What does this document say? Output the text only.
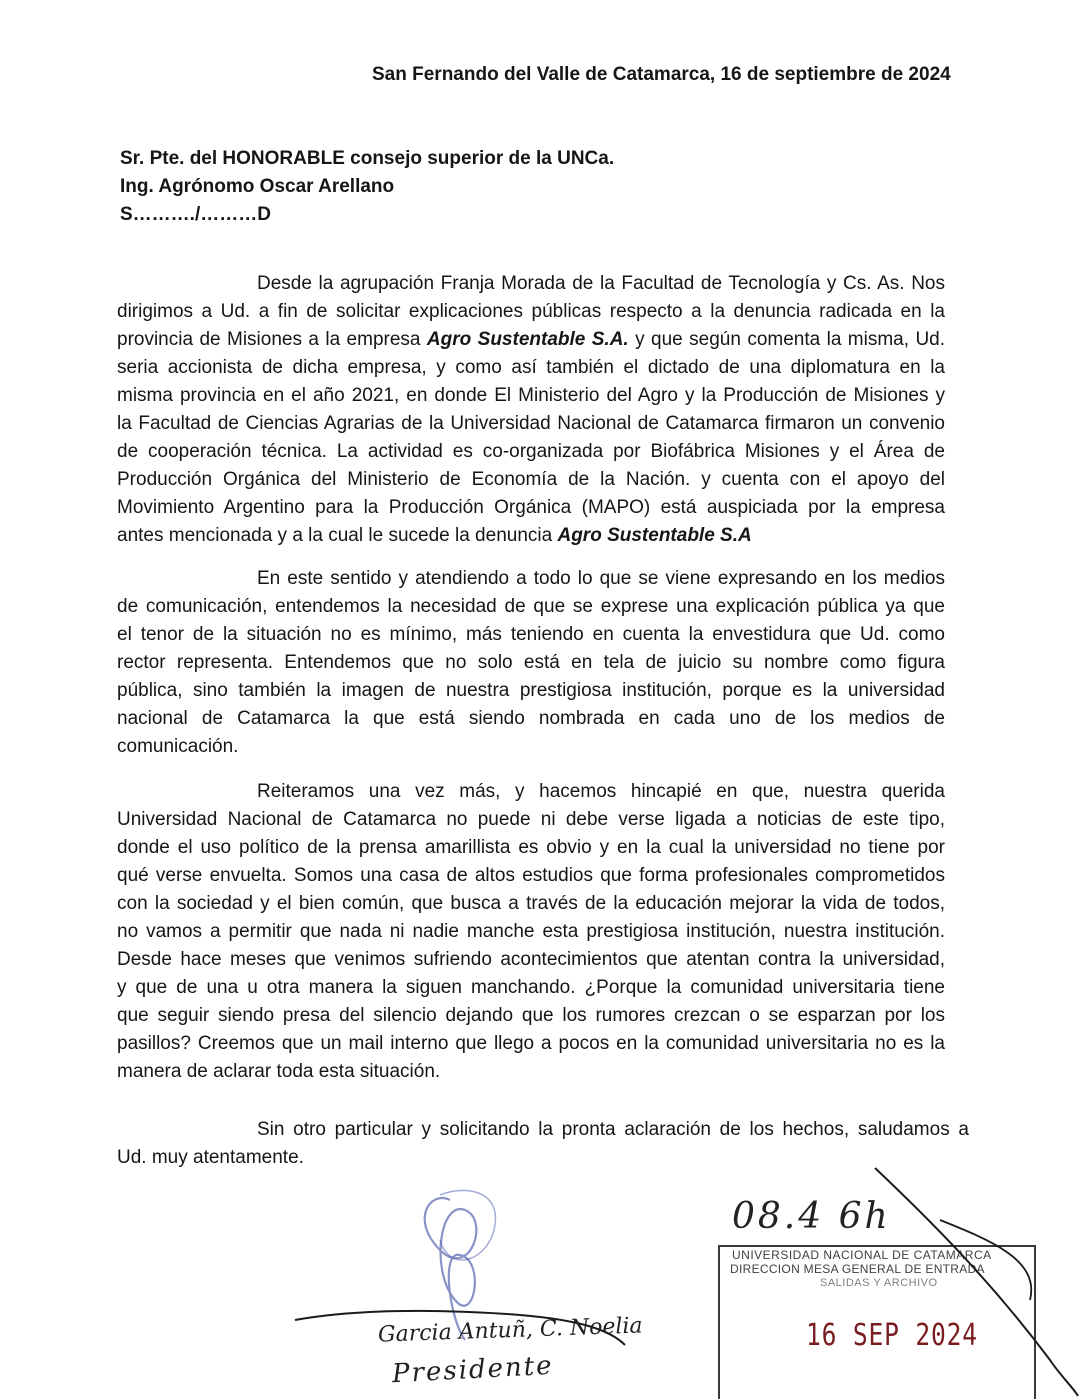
San Fernando del Valle de Catamarca, 16 de septiembre de 2024
Sr. Pte. del HONORABLE consejo superior de la UNCa.
Ing. Agrónomo Oscar Arellano
S………./………D
Desde la agrupación Franja Morada de la Facultad de Tecnología y Cs. As. Nos
dirigimos a Ud. a fin de solicitar explicaciones públicas respecto a la denuncia radicada en la
provincia de Misiones a la empresa Agro Sustentable S.A. y que según comenta la misma, Ud.
seria accionista de dicha empresa, y como así también el dictado de una diplomatura en la
misma provincia en el año 2021, en donde El Ministerio del Agro y la Producción de Misiones y
la Facultad de Ciencias Agrarias de la Universidad Nacional de Catamarca firmaron un convenio
de cooperación técnica. La actividad es co-organizada por Biofábrica Misiones y el Área de
Producción Orgánica del Ministerio de Economía de la Nación. y cuenta con el apoyo del
Movimiento Argentino para la Producción Orgánica (MAPO) está auspiciada por la empresa
antes mencionada y a la cual le sucede la denuncia Agro Sustentable S.A
En este sentido y atendiendo a todo lo que se viene expresando en los medios
de comunicación, entendemos la necesidad de que se exprese una explicación pública ya que
el tenor de la situación no es mínimo, más teniendo en cuenta la envestidura que Ud. como
rector representa. Entendemos que no solo está en tela de juicio su nombre como figura
pública, sino también la imagen de nuestra prestigiosa institución, porque es la universidad
nacional de Catamarca la que está siendo nombrada en cada uno de los medios de
comunicación.
Reiteramos una vez más, y hacemos hincapié en que, nuestra querida
Universidad Nacional de Catamarca no puede ni debe verse ligada a noticias de este tipo,
donde el uso político de la prensa amarillista es obvio y en la cual la universidad no tiene por
qué verse envuelta. Somos una casa de altos estudios que forma profesionales comprometidos
con la sociedad y el bien común, que busca a través de la educación mejorar la vida de todos,
no vamos a permitir que nada ni nadie manche esta prestigiosa institución, nuestra institución.
Desde hace meses que venimos sufriendo acontecimientos que atentan contra la universidad,
y que de una u otra manera la siguen manchando. ¿Porque la comunidad universitaria tiene
que seguir siendo presa del silencio dejando que los rumores crezcan o se esparzan por los
pasillos? Creemos que un mail interno que llego a pocos en la comunidad universitaria no es la
manera de aclarar toda esta situación.
Sin otro particular y solicitando la pronta aclaración de los hechos, saludamos a
Ud. muy atentamente.
Garcia Antuñ, C. Noelia
Presidente
08.4 6h
UNIVERSIDAD NACIONAL DE CATAMARCA
DIRECCION MESA GENERAL DE ENTRADA
SALIDAS Y ARCHIVO
16 SEP 2024
